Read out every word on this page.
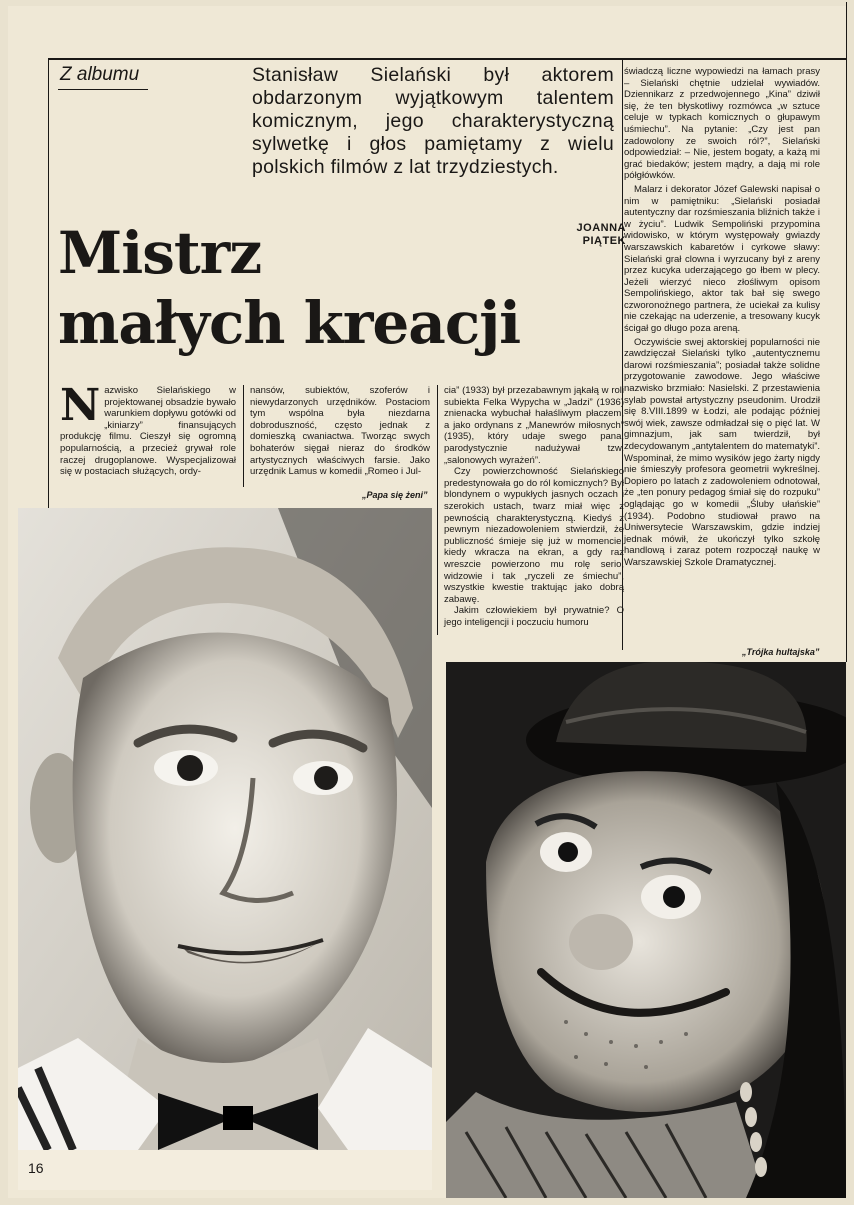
Z albumu	Stanisław Sielański był aktorem obdarzonym wyjątkowym talentem komicznym, jego charakterystyczną sylwetkę i głos pamiętamy z wielu polskich filmów z lat trzydziestych.
JOANNA
PIĄTEK
Mistrz
małych kreacji
N azwisko Sielańskiego w projektowanej obsadzie bywało warunkiem dopływu gotówki od „kiniarzy” finansujących produkcję filmu. Cieszył się ogromną popularnością, a przecież grywał role raczej drugoplanowe. Wyspecjalizował się w postaciach służących, ordy-
nansów, subiektów, szoferów i niewydarzonych urzędników. Postaciom tym wspólna była niezdarna dobroduszność, często jednak z domieszką cwaniactwa. Tworząc swych bohaterów sięgał nieraz do środków artystycznych właściwych farsie. Jako urzędnik Lamus w komedii „Romeo i Jul-
„Papa się żeni”

cia” (1933) był przezabawnym jąkałą w roli subiekta Felka Wypycha w „Jadzi” (1936) znienacka wybuchał hałaśliwym płaczem, a jako ordynans z „Manewrów miłosnych” (1935), który udaje swego pana, parodystycznie nadużywał tzw. „salonowych wyrażeń”.

Czy powierzchowność Sielańskiego predestynowała go do ról komicznych? Był blondynem o wypukłych jasnych oczach i szerokich ustach, twarz miał więc z pewnością charakterystyczną. Kiedyś z pewnym niezadowoleniem stwierdził, że publiczność śmieje się już w momencie, kiedy wkracza na ekran, a gdy raz wreszcie powierzono mu rolę serio, widzowie i tak „ryczeli ze śmiechu”, wszystkie kwestie traktując jako dobrą zabawę.

Jakim człowiekiem był prywatnie? O jego inteligencji i poczuciu humoru

świadczą liczne wypowiedzi na łamach prasy – Sielański chętnie udzielał wywiadów. Dziennikarz z przedwojennego „Kina” dziwił się, że ten błyskotliwy rozmówca „w sztuce celuje w typkach komicznych o głupawym uśmiechu”. Na pytanie: „Czy jest pan zadowolony ze swoich ról?”, Sielański odpowiedział: – Nie, jestem bogaty, a każą mi grać biedaków; jestem mądry, a dają mi role półgłówków.

Malarz i dekorator Józef Galewski napisał o nim w pamiętniku: „Sielański posiadał autentyczny dar rozśmieszania bliźnich także i w życiu”. Ludwik Sempoliński przypomina widowisko, w którym występowały gwiazdy warszawskich kabaretów i cyrkowe sławy: Sielański grał clowna i wyrzucany był z areny przez kucyka uderzającego go łbem w plecy. Jeżeli wierzyć nieco złośliwym opisom Sempolińskiego, aktor tak bał się swego czworonożnego partnera, że uciekał za kulisy nie czekając na uderzenie, a tresowany kucyk ścigał go długo poza areną.

Oczywiście swej aktorskiej popularności nie zawdzięczał Sielański tylko „autentycznemu darowi rozśmieszania”; posiadał także solidne przygotowanie zawodowe. Jego właściwe nazwisko brzmiało: Nasielski. Z przestawienia sylab powstał artystyczny pseudonim. Urodził się 8.VIII.1899 w Łodzi, ale podając później swój wiek, zawsze odmładzał się o pięć lat. W gimnazjum, jak sam twierdził, był zdecydowanym „antytalentem do matematyki”. Wspominał, że mimo wysików jego żarty nigdy nie śmieszyły profesora geometrii wykreślnej. Dopiero po latach z zadowoleniem odnotował, że „ten ponury pedagog śmiał się do rozpuku” oglądając go w komedii „Śluby ułańskie” (1934). Podobno studiował prawo na Uniwersytecie Warszawskim, gdzie indziej jednak mówił, że ukończył tylko szkołę handlową i zaraz potem rozpoczął naukę w Warszawskiej Szkole Dramatycznej.

„Trójka hultajska”
16
